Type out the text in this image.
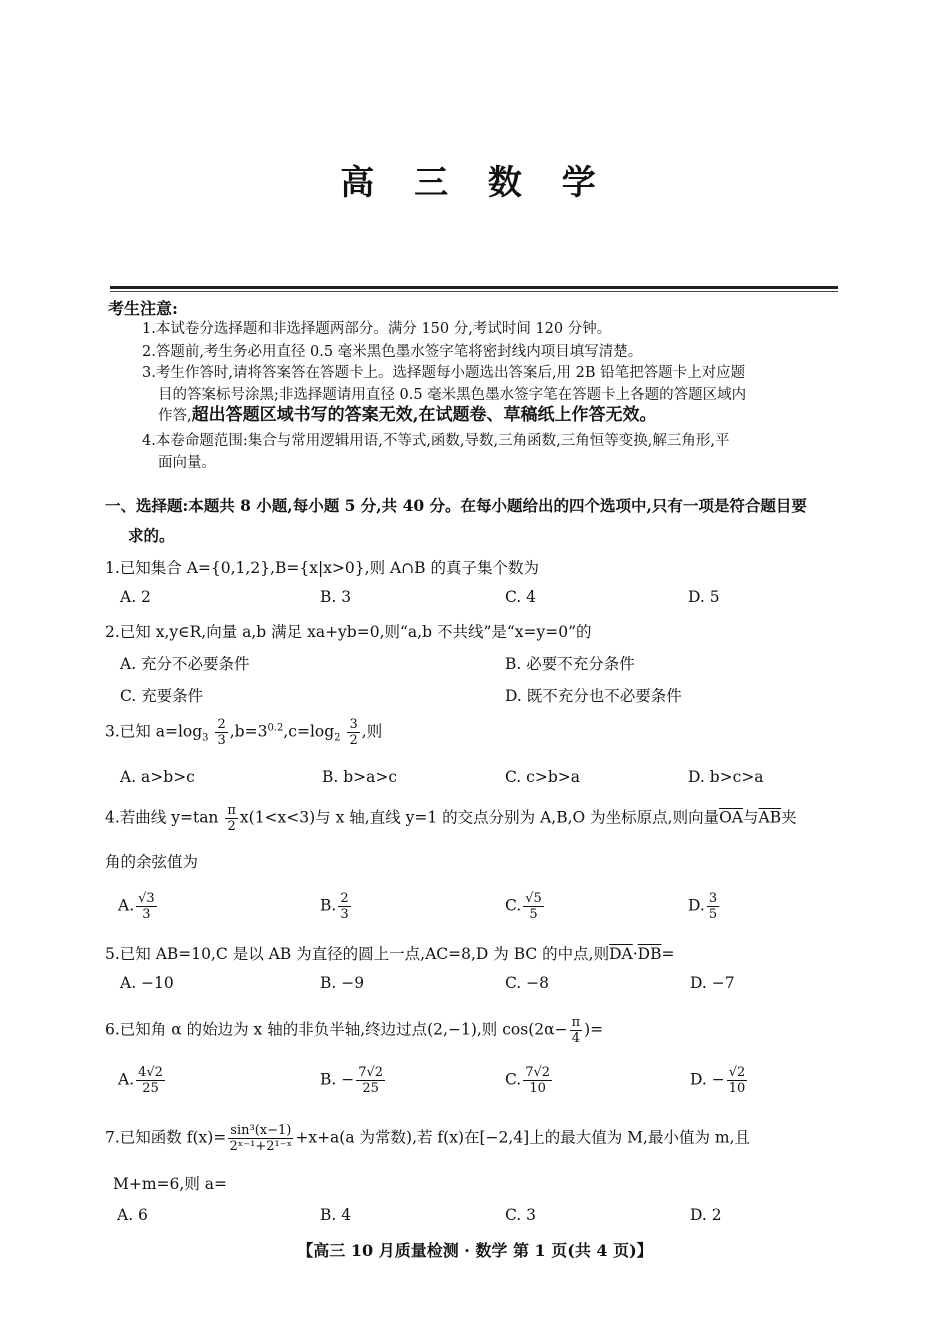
高 三 数 学
考生注意:
1.本试卷分选择题和非选择题两部分。满分 150 分,考试时间 120 分钟。
2.答题前,考生务必用直径 0.5 毫米黑色墨水签字笔将密封线内项目填写清楚。
3.考生作答时,请将答案答在答题卡上。选择题每小题选出答案后,用 2B 铅笔把答题卡上对应题
目的答案标号涂黑;非选择题请用直径 0.5 毫米黑色墨水签字笔在答题卡上各题的答题区域内
作答,超出答题区域书写的答案无效,在试题卷、草稿纸上作答无效。
4.本卷命题范围:集合与常用逻辑用语,不等式,函数,导数,三角函数,三角恒等变换,解三角形,平
面向量。
一、选择题:本题共 8 小题,每小题 5 分,共 40 分。在每小题给出的四个选项中,只有一项是符合题目要
求的。
1.已知集合 A={0,1,2},B={x|x>0},则 A∩B 的真子集个数为
A. 2	B. 3	C. 4	D. 5
2.已知 x,y∈R,向量 a,b 满足 xa+yb=0,则“a,b 不共线”是“x=y=0”的
A. 充分不必要条件	B. 必要不充分条件
C. 充要条件	D. 既不充分也不必要条件
3.已知 $a=\log_3 \frac{2}{3} ,b=3^{0.2},c=\log_2 \frac{3}{2}$ ,则
A. a>b>c	B. b>a>c	C. c>b>a	D. b>c>a
4.若曲线 $y=\tan \frac{\pi}{2} x(1<x<3)$与 x 轴,直线 y=1 的交点分别为 A,B,O 为坐标原点,则向量$\overline{OA}$与$\overline{AB}$夹
角的余弦值为
A. $\frac{√3}{3}$	B. $\frac{2}{3}$	C. $\frac{√5}{5}$	D. $\frac{3}{5}$
5.已知 AB=10,C 是以 AB 为直径的圆上一点,AC=8,D 为 BC 的中点,则$\overline{DA}\cdot\overline{DB}=$
A. −10	B. −9	C. −8	D. −7
6.已知角 α 的始边为 x 轴的非负半轴,终边过点(2,−1),则 $\cos(2\alpha- \frac{\pi}{4}$ )=
A. $\frac{4√2}{25}$	B. − $\frac{7√2}{25}$	C. $\frac{7√2}{10}$	D. − $\frac{√2}{10}$
7.已知函数 $f(x)= \frac{\text{sin³(x−1)}}{\text{2ˣ⁻¹+2¹⁻ˣ}} +x+a(a$ 为常数),若 f(x)在[−2,4]上的最大值为 M,最小值为 m,且
M+m=6,则 a=
A. 6	B. 4	C. 3	D. 2
【高三 10 月质量检测 · 数学 第 1 页(共 4 页)】
